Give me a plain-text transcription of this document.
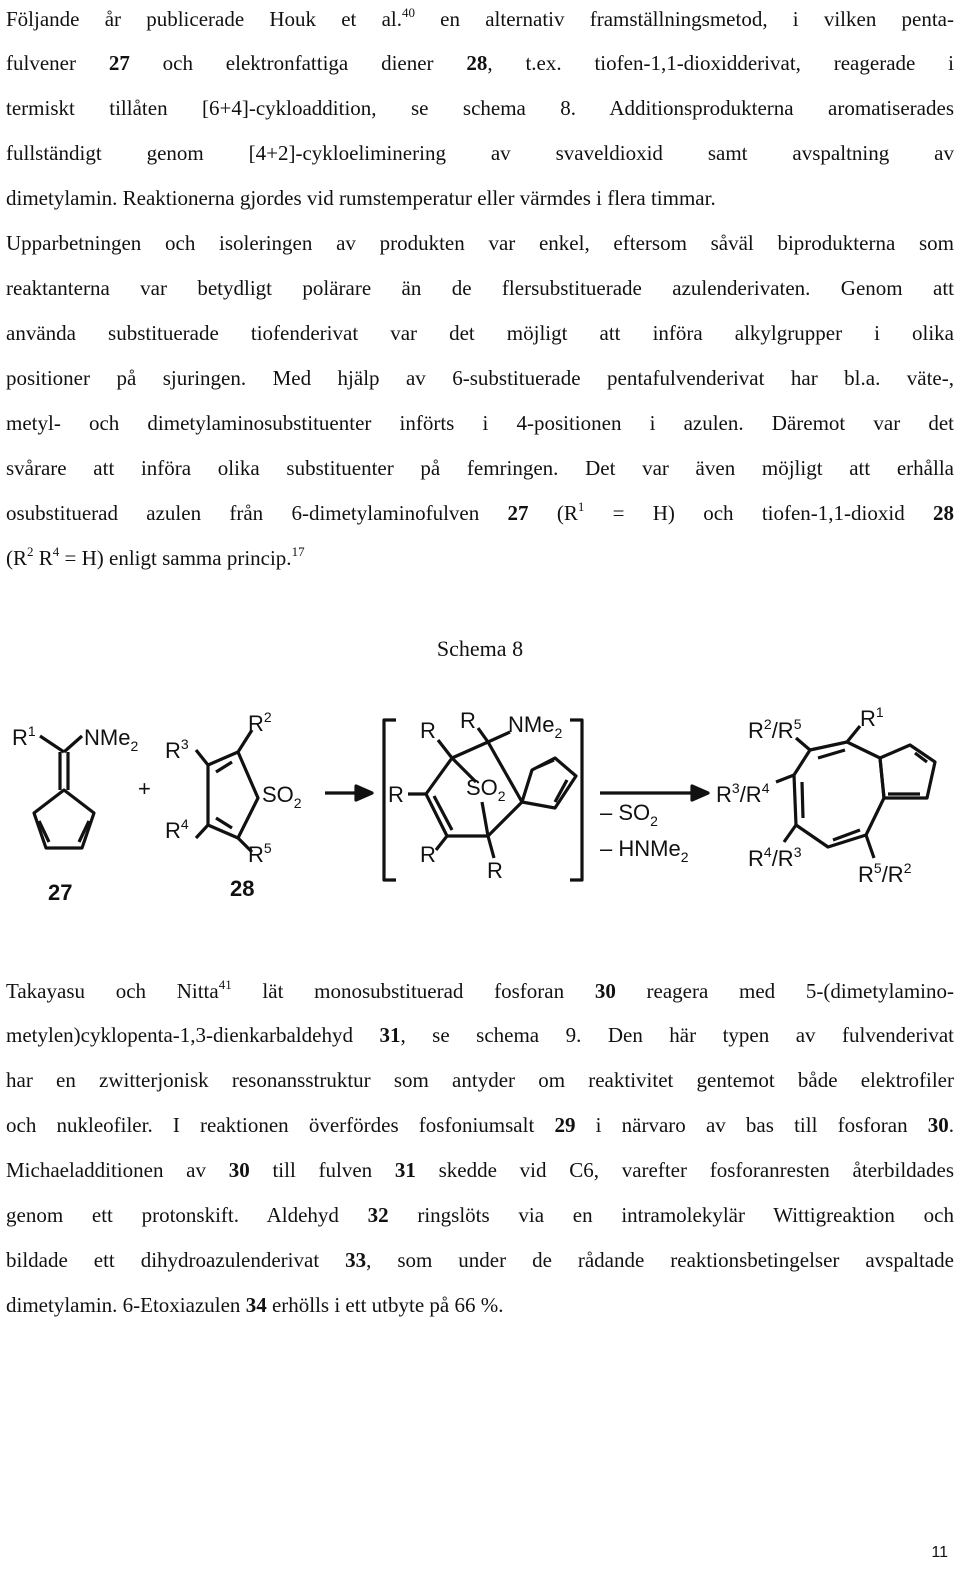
Följande år publicerade Houk et al.$^{40}$ en alternativ framställningsmetod, i vilken penta-
fulvener 27 och elektronfattiga diener 28, t.ex. tiofen-1,1-dioxidderivat, reagerade i
termiskt tillåten [6+4]-cykloaddition, se schema 8. Additionsprodukterna aromatiserades
fullständigt genom [4+2]-cykloeliminering av svaveldioxid samt avspaltning av
dimetylamin. Reaktionerna gjordes vid rumstemperatur eller värmdes i flera timmar.
Upparbetningen och isoleringen av produkten var enkel, eftersom såväl biprodukterna som
reaktanterna var betydligt polärare än de flersubstituerade azulenderivaten. Genom att
använda substituerade tiofenderivat var det möjligt att införa alkylgrupper i olika
positioner på sjuringen. Med hjälp av 6-substituerade pentafulvenderivat har bl.a. väte-,
metyl- och dimetylaminosubstituenter införts i 4-positionen i azulen. Däremot var det
svårare att införa olika substituenter på femringen. Det var även möjligt att erhålla
osubstituerad azulen från 6-dimetylaminofulven 27 $(R^1 = H)$ och tiofen-1,1-dioxid 28
($R^2$ $R^4 = H$) enligt samma princip.$^{17}$
Schema 8
$R^1$ NMe$_2$ $R^3$
$R^2$
+	$SO_2$
$R^4$
$R^5$
27	28
R R NMe$_2$
R	$SO_2$
R
R
– $SO_2$
– HNMe$_2$
$R^2/R^5$	$R^1$
$R^3/R^4$
$R^4/R^3$
$R^5/R^2$
Takayasu och Nitta$^{41}$ lät monosubstituerad fosforan 30 reagera med 5-(dimetylamino-
metylen)cyklopenta-1,3-dienkarbaldehyd 31, se schema 9. Den här typen av fulvenderivat
har en zwitterjonisk resonansstruktur som antyder om reaktivitet gentemot både elektrofiler
och nukleofiler. I reaktionen överfördes fosfoniumsalt 29 i närvaro av bas till fosforan 30.
Michaeladditionen av 30 till fulven 31 skedde vid C6, varefter fosforanresten återbildades
genom ett protonskift. Aldehyd 32 ringslöts via en intramolekylär Wittigreaktion och
bildade ett dihydroazulenderivat 33, som under de rådande reaktionsbetingelser avspaltade
dimetylamin. 6-Etoxiazulen 34 erhölls i ett utbyte på 66 %.
11
